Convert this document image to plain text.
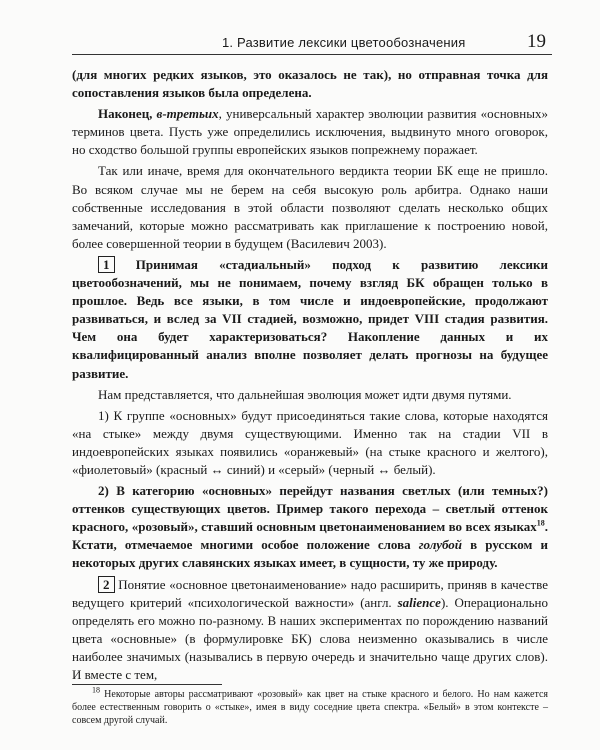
1. Развитие лексики цветообозначения	19

(для многих редких языков, это оказалось не так), но отправная точка для сопоставления языков была определена.

Наконец, в-третьих, универсальный характер эволюции развития «основных» терминов цвета. Пусть уже определились исключения, выдвинуто много оговорок, но сходство большой группы европейских языков попрежнему поражает.

Так или иначе, время для окончательного вердикта теории БК еще не пришло. Во всяком случае мы не берем на себя высокую роль арбитра. Однако наши собственные исследования в этой области позволяют сделать несколько общих замечаний, которые можно рассматривать как приглашение к построению новой, более совершенной теории в будущем (Василевич 2003).

1 Принимая «стадиальный» подход к развитию лексики цветообозначений, мы не понимаем, почему взгляд БК обращен только в прошлое. Ведь все языки, в том числе и индоевропейские, продолжают развиваться, и вслед за VII стадией, возможно, придет VIII стадия развития. Чем она будет характеризоваться? Накопление данных и их квалифицированный анализ вполне позволяет делать прогнозы на будущее развитие.

Нам представляется, что дальнейшая эволюция может идти двумя путями.

1) К группе «основных» будут присоединяться такие слова, которые находятся «на стыке» между двумя существующими. Именно так на стадии VII в индоевропейских языках появились «оранжевый» (на стыке красного и желтого), «фиолетовый» (красный ↔ синий) и «серый» (черный ↔ белый).

2) В категорию «основных» перейдут названия светлых (или темных?) оттенков существующих цветов. Пример такого перехода – светлый оттенок красного, «розовый», ставший основным цветонаименованием во всех языках$^{18}$. Кстати, отмечаемое многими особое положение слова голубой в русском и некоторых других славянских языках имеет, в сущности, ту же природу.

2 Понятие «основное цветонаименование» надо расширить, приняв в качестве ведущего критерий «психологической важности» (англ. salience). Операционально определять его можно по-разному. В наших экспериментах по порождению названий цвета «основные» (в формулировке БК) слова неизменно оказывались в числе наиболее значимых (назывались в первую очередь и значительно чаще других слов). И вместе с тем,

$^{18}$ Некоторые авторы рассматривают «розовый» как цвет на стыке красного и белого. Но нам кажется более естественным говорить о «стыке», имея в виду соседние цвета спектра. «Белый» в этом контексте – совсем другой случай.
